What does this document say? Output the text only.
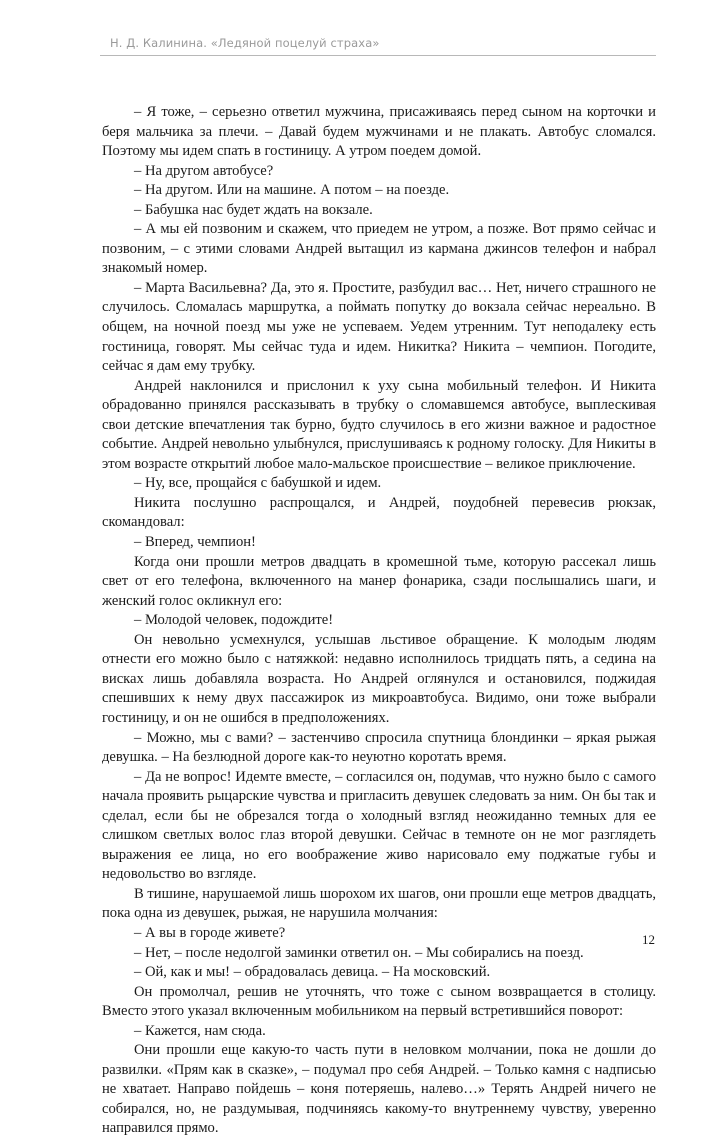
Н. Д. Калинина. «Ледяной поцелуй страха»

– Я тоже, – серьезно ответил мужчина, присаживаясь перед сыном на корточки и беря мальчика за плечи. – Давай будем мужчинами и не плакать. Автобус сломался. Поэтому мы идем спать в гостиницу. А утром поедем домой.

– На другом автобусе?

– На другом. Или на машине. А потом – на поезде.

– Бабушка нас будет ждать на вокзале.

– А мы ей позвоним и скажем, что приедем не утром, а позже. Вот прямо сейчас и позвоним, – с этими словами Андрей вытащил из кармана джинсов телефон и набрал знакомый номер.

– Марта Васильевна? Да, это я. Простите, разбудил вас… Нет, ничего страшного не случилось. Сломалась маршрутка, а поймать попутку до вокзала сейчас нереально. В общем, на ночной поезд мы уже не успеваем. Уедем утренним. Тут неподалеку есть гостиница, говорят. Мы сейчас туда и идем. Никитка? Никита – чемпион. Погодите, сейчас я дам ему трубку.

Андрей наклонился и прислонил к уху сына мобильный телефон. И Никита обрадованно принялся рассказывать в трубку о сломавшемся автобусе, выплескивая свои детские впечатления так бурно, будто случилось в его жизни важное и радостное событие. Андрей невольно улыбнулся, прислушиваясь к родному голоску. Для Никиты в этом возрасте открытий любое мало-мальское происшествие – великое приключение.

– Ну, все, прощайся с бабушкой и идем.

Никита послушно распрощался, и Андрей, поудобней перевесив рюкзак, скомандовал:

– Вперед, чемпион!

Когда они прошли метров двадцать в кромешной тьме, которую рассекал лишь свет от его телефона, включенного на манер фонарика, сзади послышались шаги, и женский голос окликнул его:

– Молодой человек, подождите!

Он невольно усмехнулся, услышав льстивое обращение. К молодым людям отнести его можно было с натяжкой: недавно исполнилось тридцать пять, а седина на висках лишь добавляла возраста. Но Андрей оглянулся и остановился, поджидая спешивших к нему двух пассажирок из микроавтобуса. Видимо, они тоже выбрали гостиницу, и он не ошибся в предположениях.

– Можно, мы с вами? – застенчиво спросила спутница блондинки – яркая рыжая девушка. – На безлюдной дороге как-то неуютно коротать время.

– Да не вопрос! Идемте вместе, – согласился он, подумав, что нужно было с самого начала проявить рыцарские чувства и пригласить девушек следовать за ним. Он бы так и сделал, если бы не обрезался тогда о холодный взгляд неожиданно темных для ее слишком светлых волос глаз второй девушки. Сейчас в темноте он не мог разглядеть выражения ее лица, но его воображение живо нарисовало ему поджатые губы и недовольство во взгляде.

В тишине, нарушаемой лишь шорохом их шагов, они прошли еще метров двадцать, пока одна из девушек, рыжая, не нарушила молчания:

– А вы в городе живете?

– Нет, – после недолгой заминки ответил он. – Мы собирались на поезд.

– Ой, как и мы! – обрадовалась девица. – На московский.

Он промолчал, решив не уточнять, что тоже с сыном возвращается в столицу. Вместо этого указал включенным мобильником на первый встретившийся поворот:

– Кажется, нам сюда.

Они прошли еще какую-то часть пути в неловком молчании, пока не дошли до развилки. «Прям как в сказке», – подумал про себя Андрей. – Только камня с надписью не хватает. Направо пойдешь – коня потеряешь, налево…» Терять Андрей ничего не собирался, но, не раздумывая, подчиняясь какому-то внутреннему чувству, уверенно направился прямо.

12
